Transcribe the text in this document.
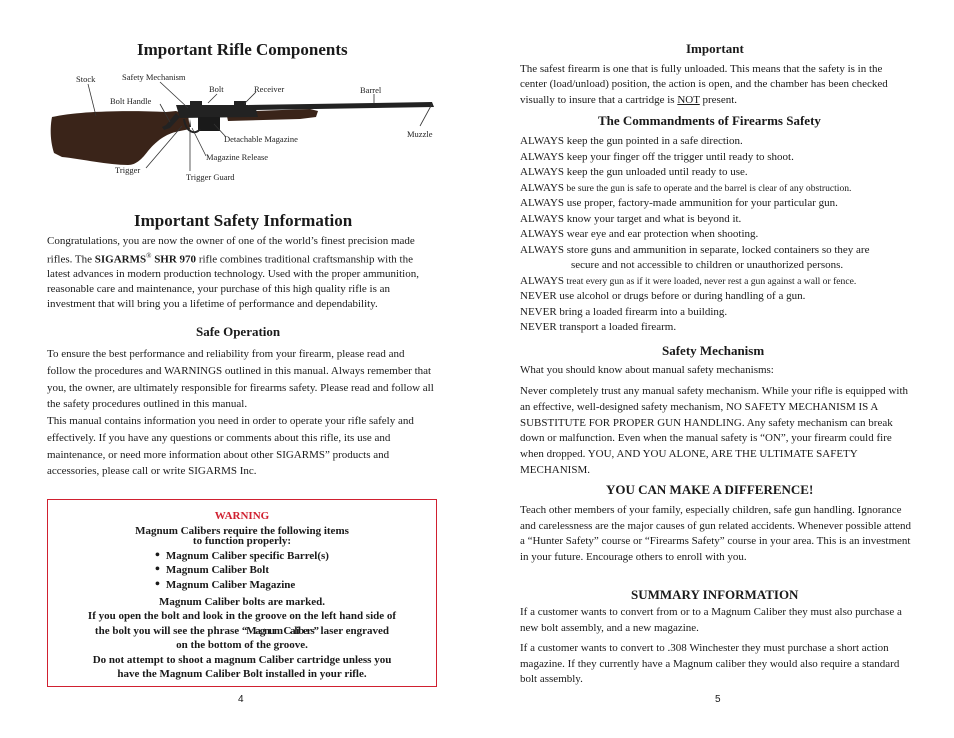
Important Rifle Components
Stock	Safety Mechanism
Bolt Handle
Bolt	Receiver	Barrel
Muzzle
Detachable Magazine
Magazine Release
Trigger
Trigger Guard
Important Safety Information
Congratulations, you are now the owner of one of the world’s finest precision made rifles. The SIGARMS® SHR 970 rifle combines traditional craftsmanship with the latest advances in modern production technology. Used with the proper ammunition, reasonable care and maintenance, your purchase of this high quality rifle is an investment that will bring you a lifetime of performance and dependability.
Safe Operation
To ensure the best performance and reliability from your firearm, please read and follow the procedures and WARNINGS outlined in this manual. Always remember that you, the owner, are ultimately responsible for firearms safety. Please read and follow all the safety procedures outlined in this manual.
This manual contains information you need in order to operate your rifle safely and effectively. If you have any questions or comments about this rifle, its use and maintenance, or need more information about other SIGARMS” products and accessories, please call or write SIGARMS Inc.
WARNING
Magnum Calibers require the following items
to function properly:
• Magnum Caliber specific Barrel(s)
• Magnum Caliber Bolt
• Magnum Caliber Magazine
Magnum Caliber bolts are marked.
If you open the bolt and look in the groove on the left hand side of
the bolt you will see the phrase “Magnum Calibers” laser engraved
on the bottom of the groove.
Do not attempt to shoot a magnum Caliber cartridge unless you
have the Magnum Caliber Bolt installed in your rifle.
4
Important
The safest firearm is one that is fully unloaded. This means that the safety is in the center (load/unload) position, the action is open, and the chamber has been checked visually to insure that a cartridge is NOT present.
The Commandments of Firearms Safety
ALWAYS keep the gun pointed in a safe direction.
ALWAYS keep your finger off the trigger until ready to shoot.
ALWAYS keep the gun unloaded until ready to use.
ALWAYS be sure the gun is safe to operate and the barrel is clear of any obstruction.
ALWAYS use proper, factory-made ammunition for your particular gun.
ALWAYS know your target and what is beyond it.
ALWAYS wear eye and ear protection when shooting.
ALWAYS store guns and ammunition in separate, locked containers so they are
secure and not accessible to children or unauthorized persons.
ALWAYS treat every gun as if it were loaded, never rest a gun against a wall or fence.
NEVER use alcohol or drugs before or during handling of a gun.
NEVER bring a loaded firearm into a building.
NEVER transport a loaded firearm.
Safety Mechanism
What you should know about manual safety mechanisms:
Never completely trust any manual safety mechanism. While your rifle is equipped with an effective, well-designed safety mechanism, NO SAFETY MECHANISM IS A SUBSTITUTE FOR PROPER GUN HANDLING. Any safety mechanism can break down or malfunction. Even when the manual safety is “ON”, your firearm could fire when dropped. YOU, AND YOU ALONE, ARE THE ULTIMATE SAFETY MECHANISM.
YOU CAN MAKE A DIFFERENCE!
Teach other members of your family, especially children, safe gun handling. Ignorance and carelessness are the major causes of gun related accidents. Whenever possible attend a “Hunter Safety” course or “Firearms Safety” course in your area. This is an investment in your future. Encourage others to enroll with you.
SUMMARY INFORMATION
If a customer wants to convert from or to a Magnum Caliber they must also purchase a new bolt assembly, and a new magazine.
If a customer wants to convert to .308 Winchester they must purchase a short action magazine. If they currently have a Magnum caliber they would also require a standard bolt assembly.
5
